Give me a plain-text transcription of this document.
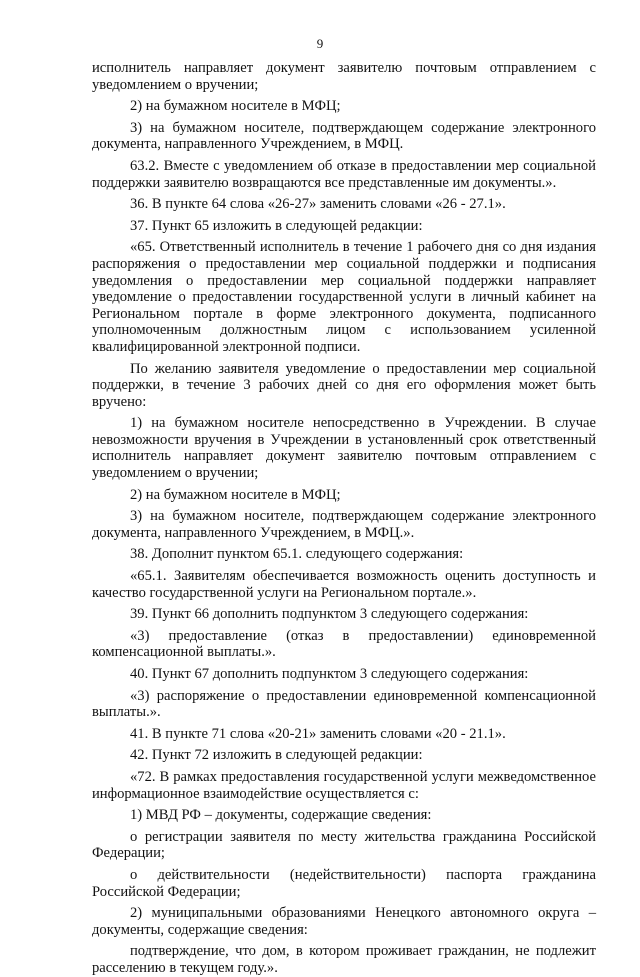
9

исполнитель направляет документ заявителю почтовым отправлением с уведомлением о вручении;

2) на бумажном носителе в МФЦ;

3) на бумажном носителе, подтверждающем содержание электронного документа, направленного Учреждением, в МФЦ.

63.2. Вместе с уведомлением об отказе в предоставлении мер социальной поддержки заявителю возвращаются все представленные им документы.».

36. В пункте 64 слова «26-27» заменить словами «26 - 27.1».

37. Пункт 65 изложить в следующей редакции:

«65. Ответственный исполнитель в течение 1 рабочего дня со дня издания распоряжения о предоставлении мер социальной поддержки и подписания уведомления о предоставлении мер социальной поддержки направляет уведомление о предоставлении государственной услуги в личный кабинет на Региональном портале в форме электронного документа, подписанного уполномоченным должностным лицом с использованием усиленной квалифицированной электронной подписи.

По желанию заявителя уведомление о предоставлении мер социальной поддержки, в течение 3 рабочих дней со дня его оформления может быть вручено:

1) на бумажном носителе непосредственно в Учреждении. В случае невозможности вручения в Учреждении в установленный срок ответственный исполнитель направляет документ заявителю почтовым отправлением с уведомлением о вручении;

2) на бумажном носителе в МФЦ;

3) на бумажном носителе, подтверждающем содержание электронного документа, направленного Учреждением, в МФЦ.».

38. Дополнит пунктом 65.1. следующего содержания:

«65.1. Заявителям обеспечивается возможность оценить доступность и качество государственной услуги на Региональном портале.».

39. Пункт 66 дополнить подпунктом 3 следующего содержания:

«3) предоставление (отказ в предоставлении) единовременной компенсационной выплаты.».

40. Пункт 67 дополнить подпунктом 3 следующего содержания:

«3) распоряжение о предоставлении единовременной компенсационной выплаты.».

41. В пункте 71 слова «20-21» заменить словами «20 - 21.1».

42. Пункт 72 изложить в следующей редакции:

«72. В рамках предоставления государственной услуги межведомственное информационное взаимодействие осуществляется с:

1) МВД РФ – документы, содержащие сведения:

о регистрации заявителя по месту жительства гражданина Российской Федерации;

о действительности (недействительности) паспорта гражданина Российской Федерации;

2) муниципальными образованиями Ненецкого автономного округа – документы, содержащие сведения:

подтверждение, что дом, в котором проживает гражданин, не подлежит расселению в текущем году.».
